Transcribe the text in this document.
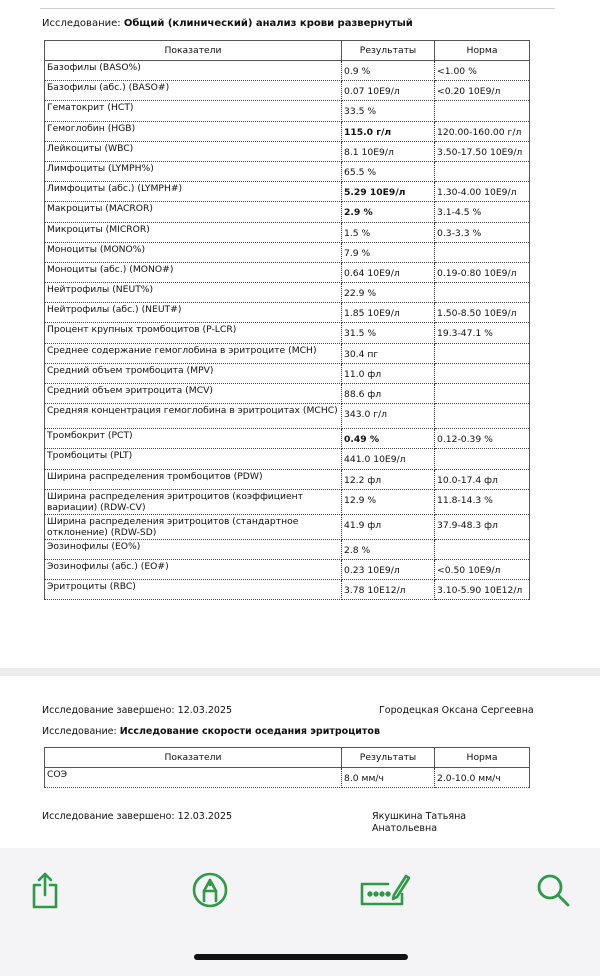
Исследование: Общий (клинический) анализ крови развернутый
Показатели	Результаты	Норма
Базофилы (BASO%)	0.9 %	<1.00 %
Базофилы (абс.) (BASO#)	0.07 10E9/л	<0.20 10E9/л
Гематокрит (HCT)	33.5 %	
Гемоглобин (HGB)	115.0 г/л	120.00-160.00 г/л
Лейкоциты (WBC)	8.1 10E9/л	3.50-17.50 10E9/л
Лимфоциты (LYMPH%)	65.5 %	
Лимфоциты (абс.) (LYMPH#)	5.29 10E9/л	1.30-4.00 10E9/л
Макроциты (MACROR)	2.9 %	3.1-4.5 %
Микроциты (MICROR)	1.5 %	0.3-3.3 %
Моноциты (MONO%)	7.9 %	
Моноциты (абс.) (MONO#)	0.64 10E9/л	0.19-0.80 10E9/л
Нейтрофилы (NEUT%)	22.9 %	
Нейтрофилы (абс.) (NEUT#)	1.85 10E9/л	1.50-8.50 10E9/л
Процент крупных тромбоцитов (P-LCR)	31.5 %	19.3-47.1 %
Среднее содержание гемоглобина в эритроците (MCH)	30.4 пг	
Средний объем тромбоцита (MPV)	11.0 фл	
Средний объем эритроцита (MCV)	88.6 фл	
Средняя концентрация гемоглобина в эритроцитах (MCHC)	343.0 г/л	
Тромбокрит (PCT)	0.49 %	0.12-0.39 %
Тромбоциты (PLT)	441.0 10E9/л	
Ширина распределения тромбоцитов (PDW)	12.2 фл	10.0-17.4 фл
Ширина распределения эритроцитов (коэффициент вариации) (RDW-CV)	12.9 %	11.8-14.3 %
Ширина распределения эритроцитов (стандартное отклонение) (RDW-SD)	41.9 фл	37.9-48.3 фл
Эозинофилы (EO%)	2.8 %	
Эозинофилы (абс.) (EO#)	0.23 10E9/л	<0.50 10E9/л
Эритроциты (RBC)	3.78 10E12/л	3.10-5.90 10E12/л
Исследование завершено: 12.03.2025	Городецкая Оксана Сергеевна
Исследование: Исследование скорости оседания эритроцитов
Показатели	Результаты	Норма
СОЭ	8.0 мм/ч	2.0-10.0 мм/ч
Исследование завершено: 12.03.2025	Якушкина Татьяна
Анатольевна
